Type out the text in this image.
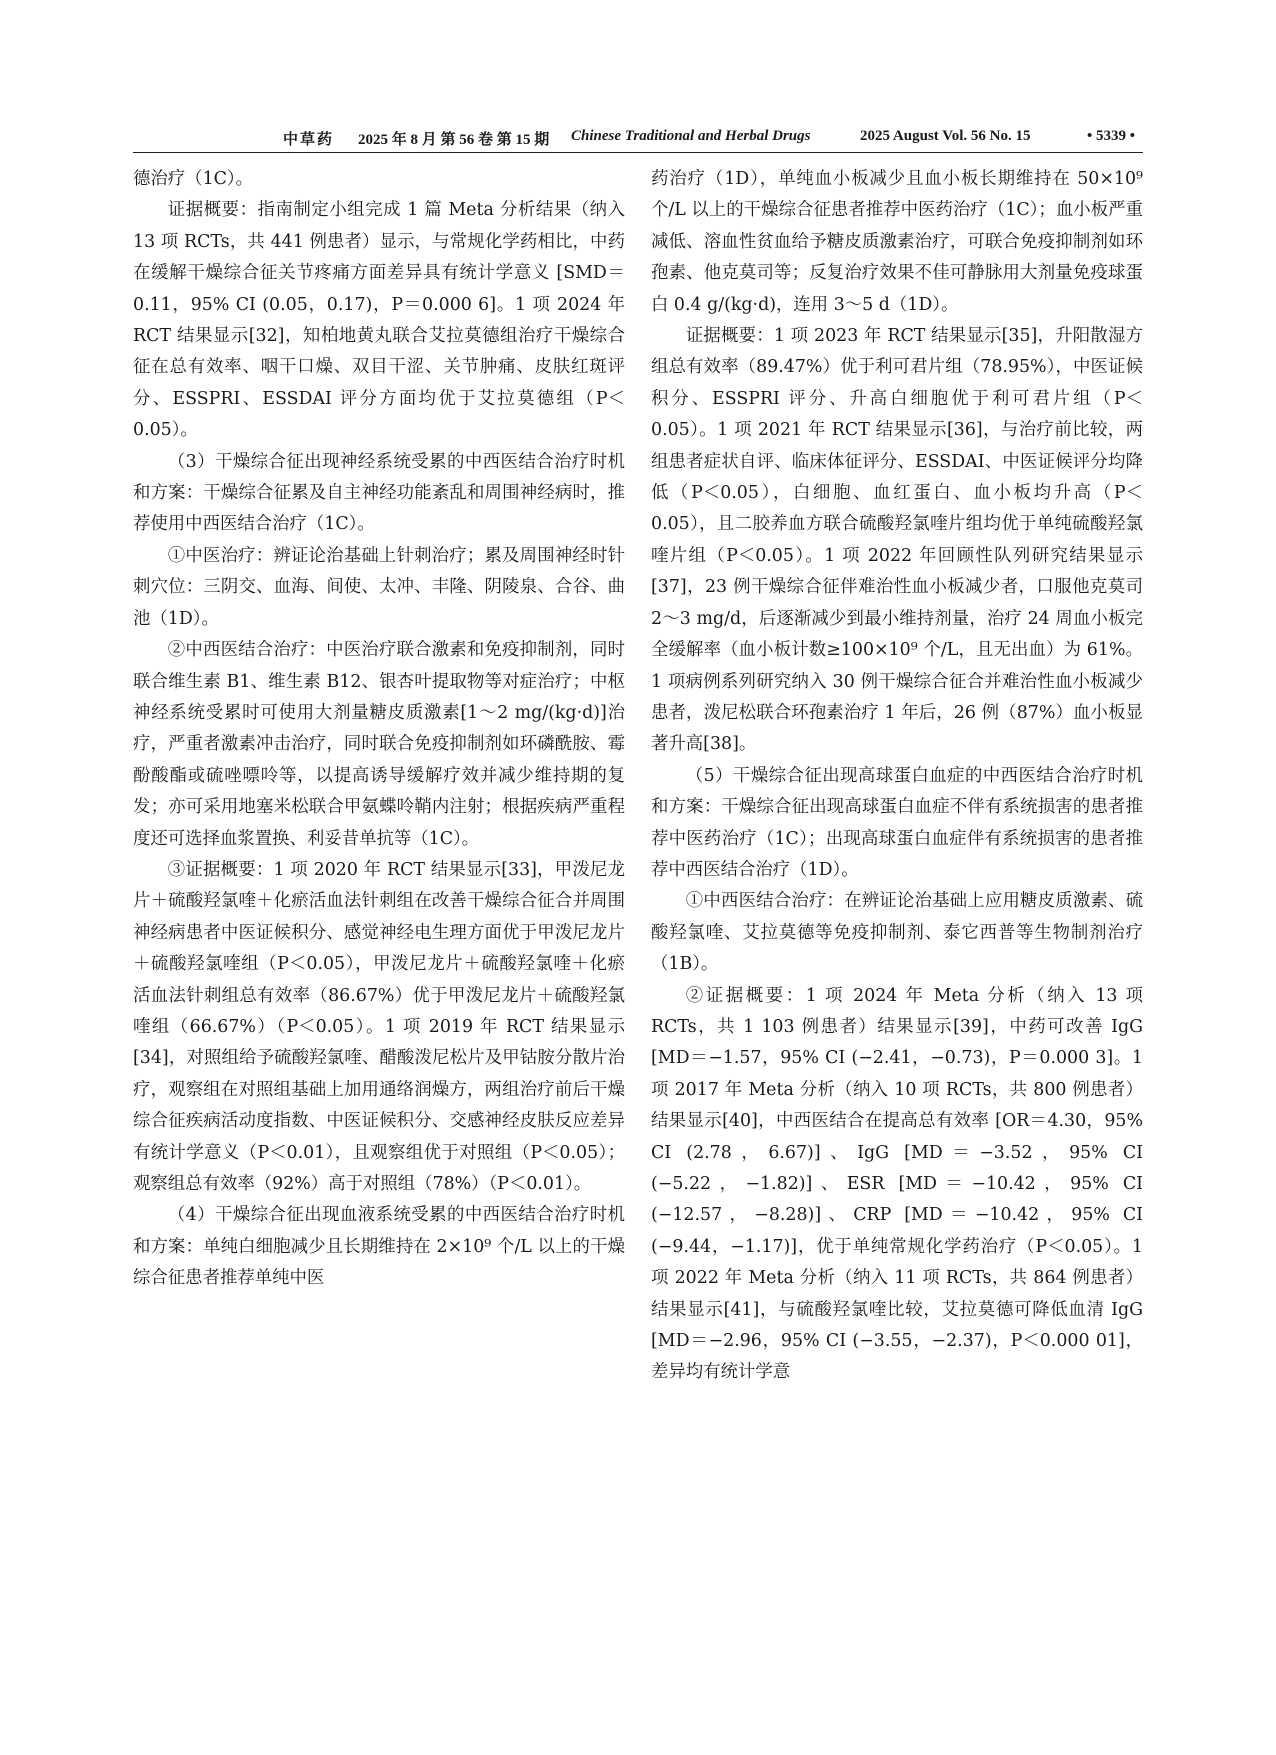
中草药 2025 年 8 月 第 56 卷 第 15 期 Chinese Traditional and Herbal Drugs	2025 August Vol. 56 No. 15	• 5339 •

德治疗（1C）。

证据概要：指南制定小组完成 1 篇 Meta 分析结果（纳入 13 项 RCTs，共 441 例患者）显示，与常规化学药相比，中药在缓解干燥综合征关节疼痛方面差异具有统计学意义 [SMD＝0.11，95% CI (0.05，0.17)，P＝0.000 6]。1 项 2024 年 RCT 结果显示[32]，知柏地黄丸联合艾拉莫德组治疗干燥综合征在总有效率、咽干口燥、双目干涩、关节肿痛、皮肤红斑评分、ESSPRI、ESSDAI 评分方面均优于艾拉莫德组（P＜0.05）。

（3）干燥综合征出现神经系统受累的中西医结合治疗时机和方案：干燥综合征累及自主神经功能紊乱和周围神经病时，推荐使用中西医结合治疗（1C）。

①中医治疗：辨证论治基础上针刺治疗；累及周围神经时针刺穴位：三阴交、血海、间使、太冲、丰隆、阴陵泉、合谷、曲池（1D）。

②中西医结合治疗：中医治疗联合激素和免疫抑制剂，同时联合维生素 B1、维生素 B12、银杏叶提取物等对症治疗；中枢神经系统受累时可使用大剂量糖皮质激素[1～2 mg/(kg·d)]治疗，严重者激素冲击治疗，同时联合免疫抑制剂如环磷酰胺、霉酚酸酯或硫唑嘌呤等，以提高诱导缓解疗效并减少维持期的复发；亦可采用地塞米松联合甲氨蝶呤鞘内注射；根据疾病严重程度还可选择血浆置换、利妥昔单抗等（1C）。

③证据概要：1 项 2020 年 RCT 结果显示[33]，甲泼尼龙片＋硫酸羟氯喹＋化瘀活血法针刺组在改善干燥综合征合并周围神经病患者中医证候积分、感觉神经电生理方面优于甲泼尼龙片＋硫酸羟氯喹组（P＜0.05），甲泼尼龙片＋硫酸羟氯喹＋化瘀活血法针刺组总有效率（86.67%）优于甲泼尼龙片＋硫酸羟氯喹组（66.67%）（P＜0.05）。1 项 2019 年 RCT 结果显示[34]，对照组给予硫酸羟氯喹、醋酸泼尼松片及甲钴胺分散片治疗，观察组在对照组基础上加用通络润燥方，两组治疗前后干燥综合征疾病活动度指数、中医证候积分、交感神经皮肤反应差异有统计学意义（P＜0.01），且观察组优于对照组（P＜0.05）；观察组总有效率（92%）高于对照组（78%）（P＜0.01）。

（4）干燥综合征出现血液系统受累的中西医结合治疗时机和方案：单纯白细胞减少且长期维持在 2×10⁹ 个/L 以上的干燥综合征患者推荐单纯中医

药治疗（1D），单纯血小板减少且血小板长期维持在 50×10⁹ 个/L 以上的干燥综合征患者推荐中医药治疗（1C）；血小板严重减低、溶血性贫血给予糖皮质激素治疗，可联合免疫抑制剂如环孢素、他克莫司等；反复治疗效果不佳可静脉用大剂量免疫球蛋白 0.4 g/(kg·d)，连用 3～5 d（1D）。

证据概要：1 项 2023 年 RCT 结果显示[35]，升阳散湿方组总有效率（89.47%）优于利可君片组（78.95%），中医证候积分、ESSPRI 评分、升高白细胞优于利可君片组（P＜0.05）。1 项 2021 年 RCT 结果显示[36]，与治疗前比较，两组患者症状自评、临床体征评分、ESSDAI、中医证候评分均降低（P＜0.05），白细胞、血红蛋白、血小板均升高（P＜0.05），且二胶养血方联合硫酸羟氯喹片组均优于单纯硫酸羟氯喹片组（P＜0.05）。1 项 2022 年回顾性队列研究结果显示[37]，23 例干燥综合征伴难治性血小板减少者，口服他克莫司 2～3 mg/d，后逐渐减少到最小维持剂量，治疗 24 周血小板完全缓解率（血小板计数≥100×10⁹ 个/L，且无出血）为 61%。1 项病例系列研究纳入 30 例干燥综合征合并难治性血小板减少患者，泼尼松联合环孢素治疗 1 年后，26 例（87%）血小板显著升高[38]。

（5）干燥综合征出现高球蛋白血症的中西医结合治疗时机和方案：干燥综合征出现高球蛋白血症不伴有系统损害的患者推荐中医药治疗（1C）；出现高球蛋白血症伴有系统损害的患者推荐中西医结合治疗（1D）。

①中西医结合治疗：在辨证论治基础上应用糖皮质激素、硫酸羟氯喹、艾拉莫德等免疫抑制剂、泰它西普等生物制剂治疗（1B）。

②证据概要：1 项 2024 年 Meta 分析（纳入 13 项 RCTs，共 1 103 例患者）结果显示[39]，中药可改善 IgG [MD＝−1.57，95% CI (−2.41，−0.73)，P＝0.000 3]。1 项 2017 年 Meta 分析（纳入 10 项 RCTs，共 800 例患者）结果显示[40]，中西医结合在提高总有效率 [OR＝4.30，95% CI (2.78，6.67)]、IgG [MD＝−3.52，95% CI (−5.22，−1.82)]、ESR [MD＝−10.42，95% CI (−12.57，−8.28)]、CRP [MD＝−10.42，95% CI (−9.44，−1.17)]，优于单纯常规化学药治疗（P＜0.05）。1 项 2022 年 Meta 分析（纳入 11 项 RCTs，共 864 例患者）结果显示[41]，与硫酸羟氯喹比较，艾拉莫德可降低血清 IgG [MD＝−2.96，95% CI (−3.55，−2.37)，P＜0.000 01]，差异均有统计学意
